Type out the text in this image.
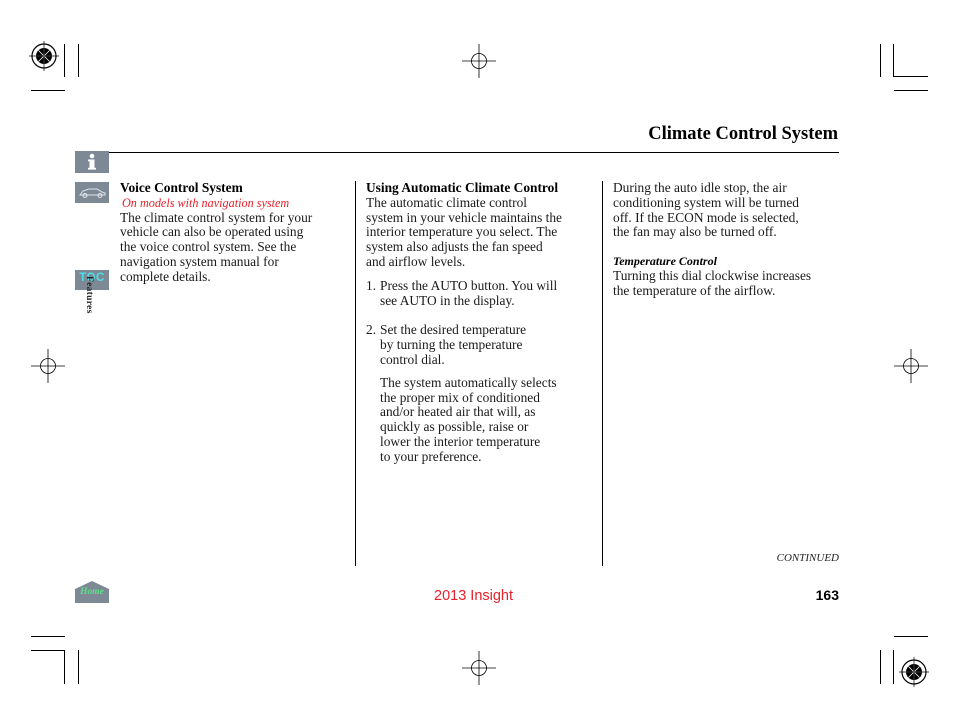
Climate Control System
TOC
Features
Home

Voice Control System

On models with navigation system

The climate control system for your

vehicle can also be operated using

the voice control system. See the

navigation system manual for

complete details.

Using Automatic Climate Control

The automatic climate control

system in your vehicle maintains the

interior temperature you select. The

system also adjusts the fan speed

and airflow levels.

1. Press the AUTO button. You will

see AUTO in the display.

2. Set the desired temperature

by turning the temperature

control dial.

The system automatically selects

the proper mix of conditioned

and/or heated air that will, as

quickly as possible, raise or

lower the interior temperature

to your preference.

During the auto idle stop, the air

conditioning system will be turned

off. If the ECON mode is selected,

the fan may also be turned off.

Temperature Control

Turning this dial clockwise increases

the temperature of the airflow.

CONTINUED
2013 Insight	163
